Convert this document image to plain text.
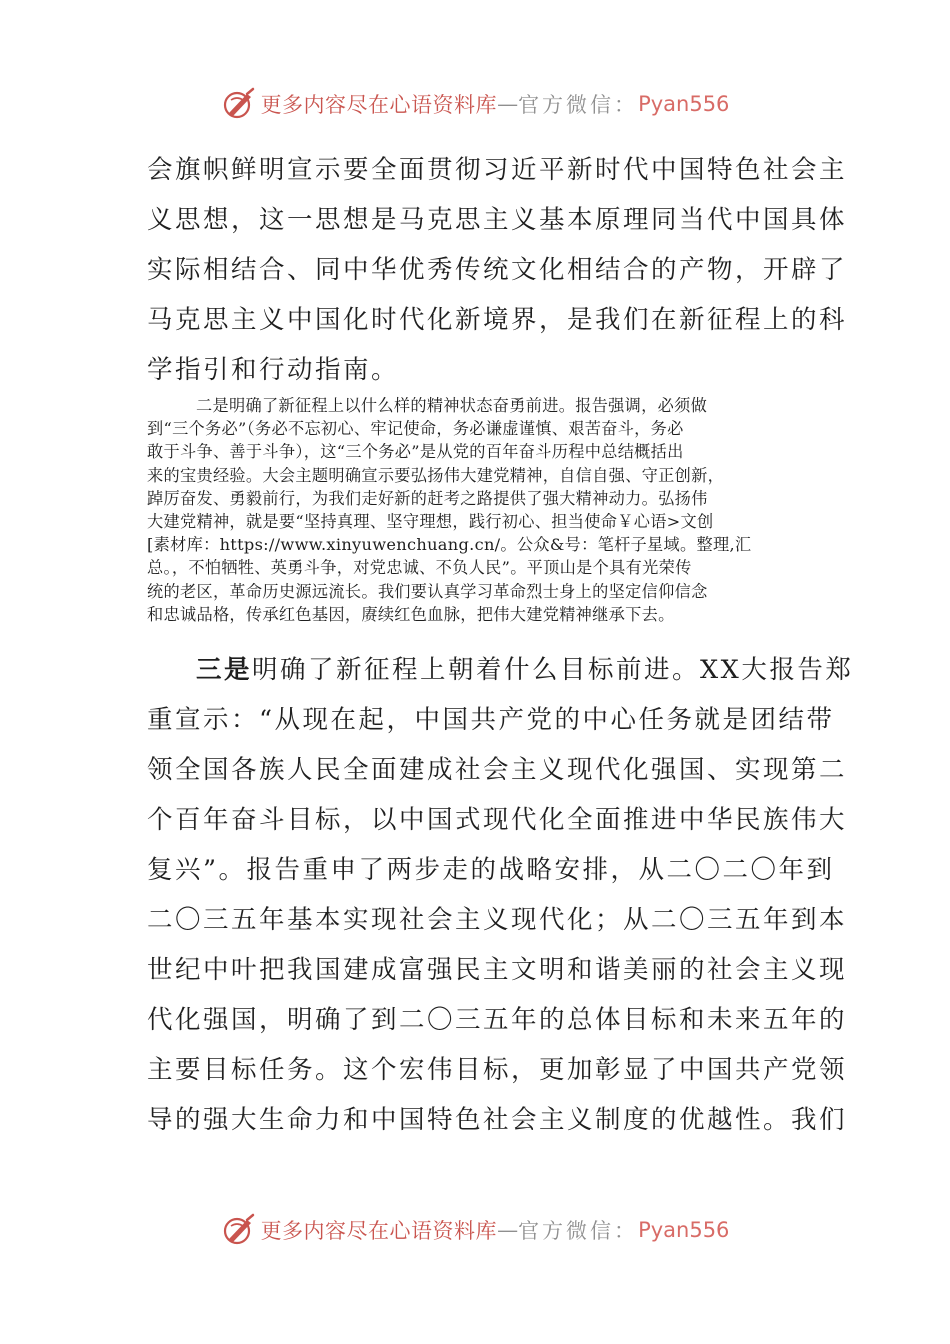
更多内容尽在心语资料库 — 官方微信： Pyan556
会旗帜鲜明宣示要全面贯彻习近平新时代中国特色社会主
义思想，这一思想是马克思主义基本原理同当代中国具体
实际相结合、同中华优秀传统文化相结合的产物，开辟了
马克思主义中国化时代化新境界，是我们在新征程上的科
学指引和行动指南。
二是明确了新征程上以什么样的精神状态奋勇前进。报告强调，必须做
到“三个务必”（务必不忘初心、牢记使命，务必谦虚谨慎、艰苦奋斗，务必
敢于斗争、善于斗争），这“三个务必”是从党的百年奋斗历程中总结概括出
来的宝贵经验。大会主题明确宣示要弘扬伟大建党精神，自信自强、守正创新，
踔厉奋发、勇毅前行，为我们走好新的赶考之路提供了强大精神动力。弘扬伟
大建党精神，就是要“坚持真理、坚守理想，践行初心、担当使命￥心语>文创
[素材库：https://www.xinyuwenchuang.cn/。公众&号：笔杆子星域。整理,汇
总。，不怕牺牲、英勇斗争，对党忠诚、不负人民”。平顶山是个具有光荣传
统的老区，革命历史源远流长。我们要认真学习革命烈士身上的坚定信仰信念
和忠诚品格，传承红色基因，赓续红色血脉，把伟大建党精神继承下去。
三是明确了新征程上朝着什么目标前进。XX大报告郑
重宣示：“从现在起，中国共产党的中心任务就是团结带
领全国各族人民全面建成社会主义现代化强国、实现第二
个百年奋斗目标，以中国式现代化全面推进中华民族伟大
复兴”。报告重申了两步走的战略安排，从二〇二〇年到
二〇三五年基本实现社会主义现代化；从二〇三五年到本
世纪中叶把我国建成富强民主文明和谐美丽的社会主义现
代化强国，明确了到二〇三五年的总体目标和未来五年的
主要目标任务。这个宏伟目标，更加彰显了中国共产党领
导的强大生命力和中国特色社会主义制度的优越性。我们
更多内容尽在心语资料库 — 官方微信： Pyan556
